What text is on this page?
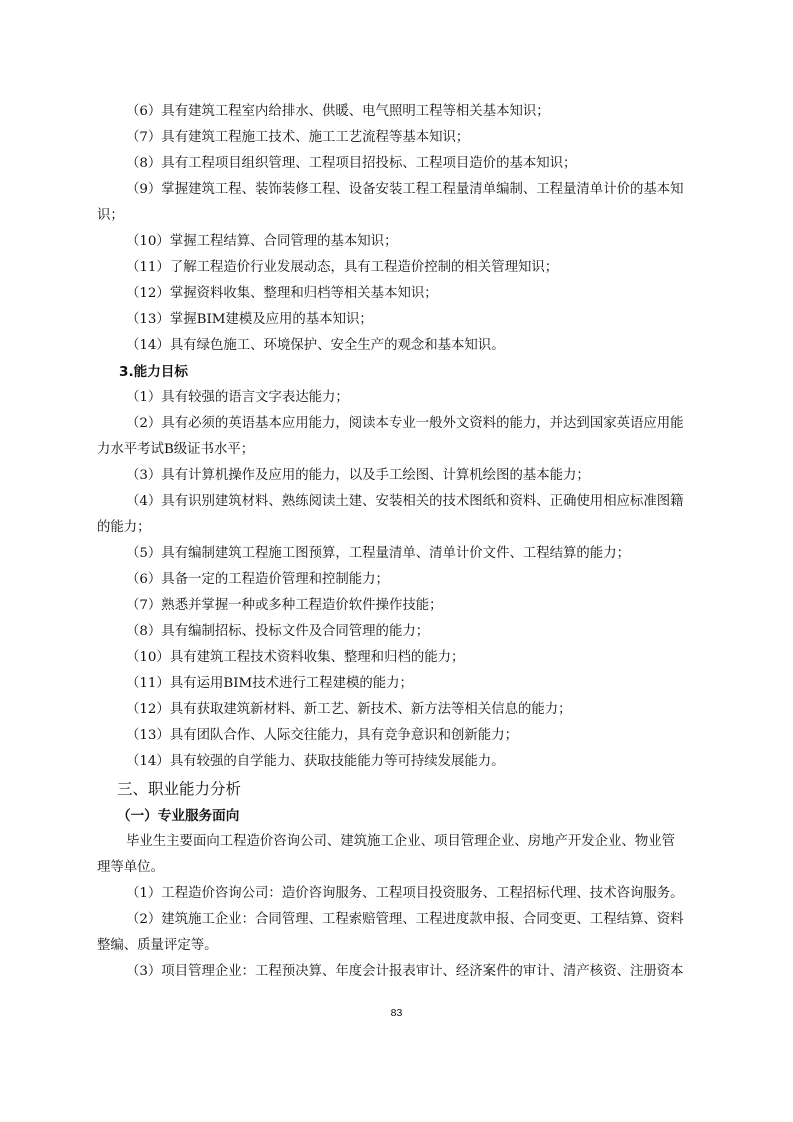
（6）具有建筑工程室内给排水、供暖、电气照明工程等相关基本知识；
（7）具有建筑工程施工技术、施工工艺流程等基本知识；
（8）具有工程项目组织管理、工程项目招投标、工程项目造价的基本知识；
（9）掌握建筑工程、装饰装修工程、设备安装工程工程量清单编制、工程量清单计价的基本知
识；
（10）掌握工程结算、合同管理的基本知识；
（11）了解工程造价行业发展动态，具有工程造价控制的相关管理知识；
（12）掌握资料收集、整理和归档等相关基本知识；
（13）掌握BIM建模及应用的基本知识；
（14）具有绿色施工、环境保护、安全生产的观念和基本知识。
3.能力目标
（1）具有较强的语言文字表达能力；
（2）具有必须的英语基本应用能力，阅读本专业一般外文资料的能力，并达到国家英语应用能
力水平考试B级证书水平；
（3）具有计算机操作及应用的能力，以及手工绘图、计算机绘图的基本能力；
（4）具有识别建筑材料、熟练阅读土建、安装相关的技术图纸和资料、正确使用相应标准图籍
的能力；
（5）具有编制建筑工程施工图预算，工程量清单、清单计价文件、工程结算的能力；
（6）具备一定的工程造价管理和控制能力；
（7）熟悉并掌握一种或多种工程造价软件操作技能；
（8）具有编制招标、投标文件及合同管理的能力；
（10）具有建筑工程技术资料收集、整理和归档的能力；
（11）具有运用BIM技术进行工程建模的能力；
（12）具有获取建筑新材料、新工艺、新技术、新方法等相关信息的能力；
（13）具有团队合作、人际交往能力，具有竞争意识和创新能力；
（14）具有较强的自学能力、获取技能能力等可持续发展能力。
三、职业能力分析
（一）专业服务面向
毕业生主要面向工程造价咨询公司、建筑施工企业、项目管理企业、房地产开发企业、物业管
理等单位。
（1）工程造价咨询公司：造价咨询服务、工程项目投资服务、工程招标代理、技术咨询服务。
（2）建筑施工企业：合同管理、工程索赔管理、工程进度款申报、合同变更、工程结算、资料
整编、质量评定等。
（3）项目管理企业：工程预决算、年度会计报表审计、经济案件的审计、清产核资、注册资本
83
